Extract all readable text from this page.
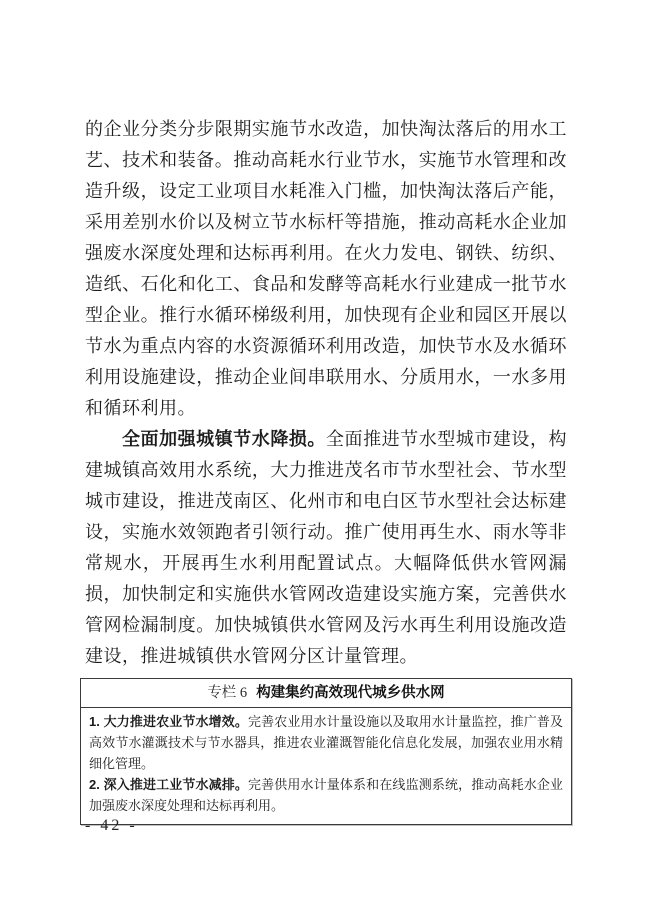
的企业分类分步限期实施节水改造，加快淘汰落后的用水工艺、技术和装备。推动高耗水行业节水，实施节水管理和改造升级，设定工业项目水耗准入门槛，加快淘汰落后产能，采用差别水价以及树立节水标杆等措施，推动高耗水企业加强废水深度处理和达标再利用。在火力发电、钢铁、纺织、造纸、石化和化工、食品和发酵等高耗水行业建成一批节水型企业。推行水循环梯级利用，加快现有企业和园区开展以节水为重点内容的水资源循环利用改造，加快节水及水循环利用设施建设，推动企业间串联用水、分质用水，一水多用和循环利用。

全面加强城镇节水降损。全面推进节水型城市建设，构建城镇高效用水系统，大力推进茂名市节水型社会、节水型城市建设，推进茂南区、化州市和电白区节水型社会达标建设，实施水效领跑者引领行动。推广使用再生水、雨水等非常规水，开展再生水利用配置试点。大幅降低供水管网漏损，加快制定和实施供水管网改造建设实施方案，完善供水管网检漏制度。加快城镇供水管网及污水再生利用设施改造建设，推进城镇供水管网分区计量管理。

专栏 6 构建集约高效现代城乡供水网

1. 大力推进农业节水增效。完善农业用水计量设施以及取用水计量监控，推广普及高效节水灌溉技术与节水器具，推进农业灌溉智能化信息化发展，加强农业用水精细化管理。

2. 深入推进工业节水减排。完善供用水计量体系和在线监测系统，推动高耗水企业加强废水深度处理和达标再利用。

- 42 -
